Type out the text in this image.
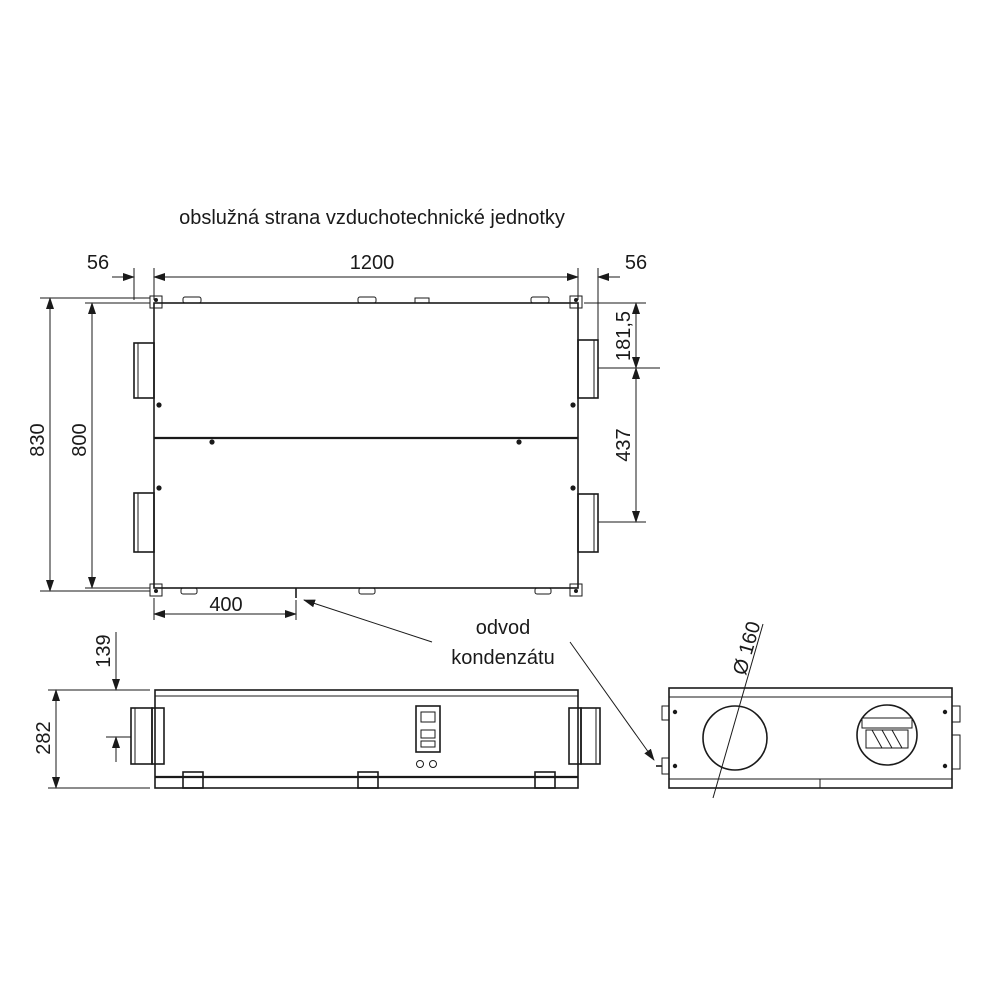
obslužná strana vzduchotechnické jednotky
56	1200	56
830 800
181,5
437
400
odvod
kondenzátu
282
139	Ø 160
